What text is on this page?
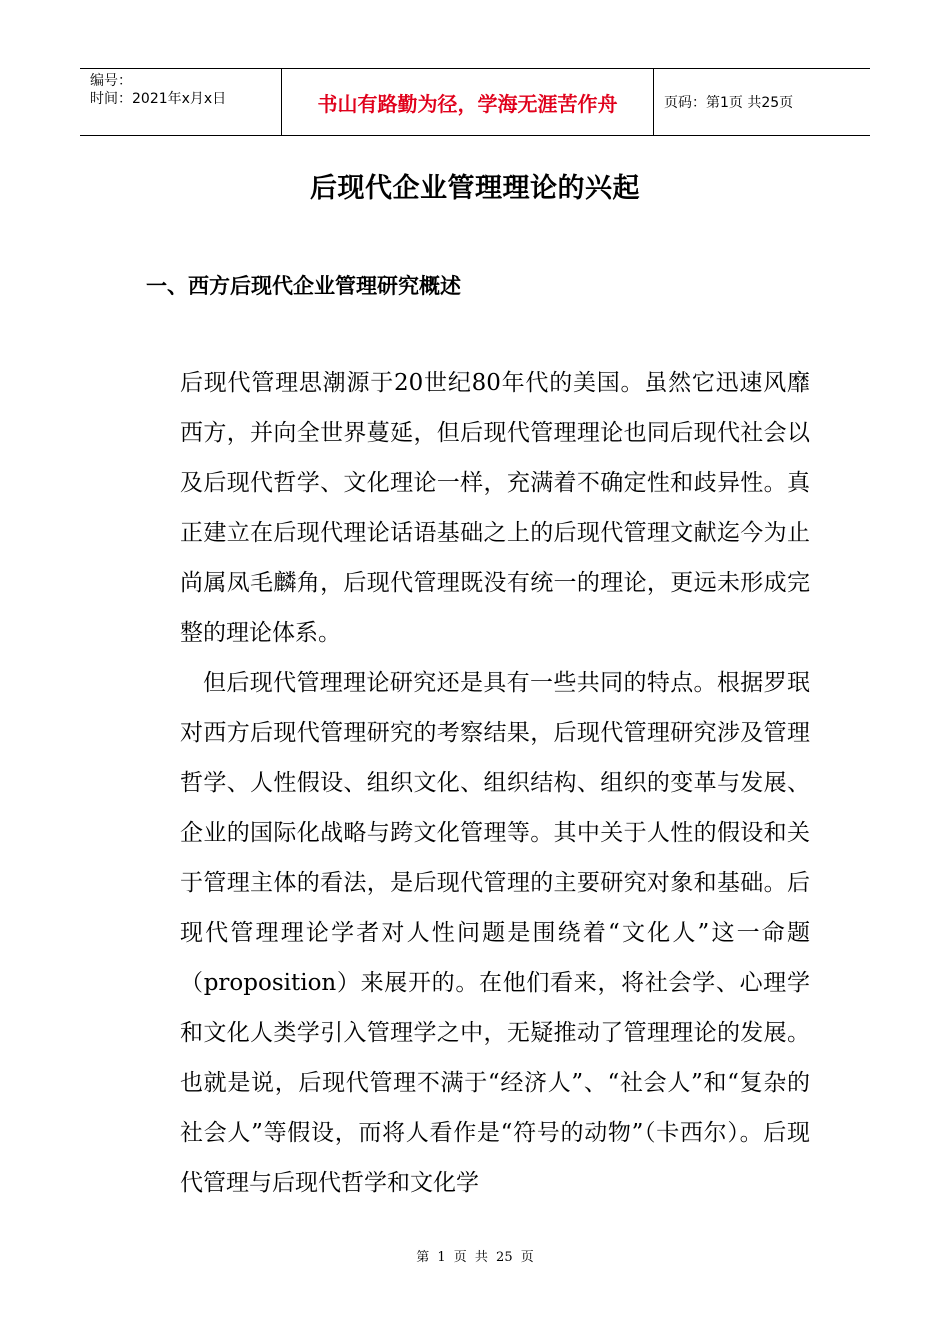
编号：
时间：2021年x月x日	书山有路勤为径，学海无涯苦作舟	页码：第1页 共25页
后现代企业管理理论的兴起
一、西方后现代企业管理研究概述

后现代管理思潮源于20世纪80年代的美国。虽然它迅速风靡西方，并向全世界蔓延，但后现代管理理论也同后现代社会以及后现代哲学、文化理论一样，充满着不确定性和歧异性。真正建立在后现代理论话语基础之上的后现代管理文献迄今为止尚属凤毛麟角，后现代管理既没有统一的理论，更远未形成完整的理论体系。

但后现代管理理论研究还是具有一些共同的特点。根据罗珉对西方后现代管理研究的考察结果，后现代管理研究涉及管理哲学、人性假设、组织文化、组织结构、组织的变革与发展、企业的国际化战略与跨文化管理等。其中关于人性的假设和关于管理主体的看法，是后现代管理的主要研究对象和基础。后现代管理理论学者对人性问题是围绕着“文化人”这一命题（proposition）来展开的。在他们看来，将社会学、心理学和文化人类学引入管理学之中，无疑推动了管理理论的发展。也就是说，后现代管理不满于“经济人”、“社会人”和“复杂的社会人”等假设，而将人看作是“符号的动物”（卡西尔）。后现代管理与后现代哲学和文化学

第 1 页 共 25 页
